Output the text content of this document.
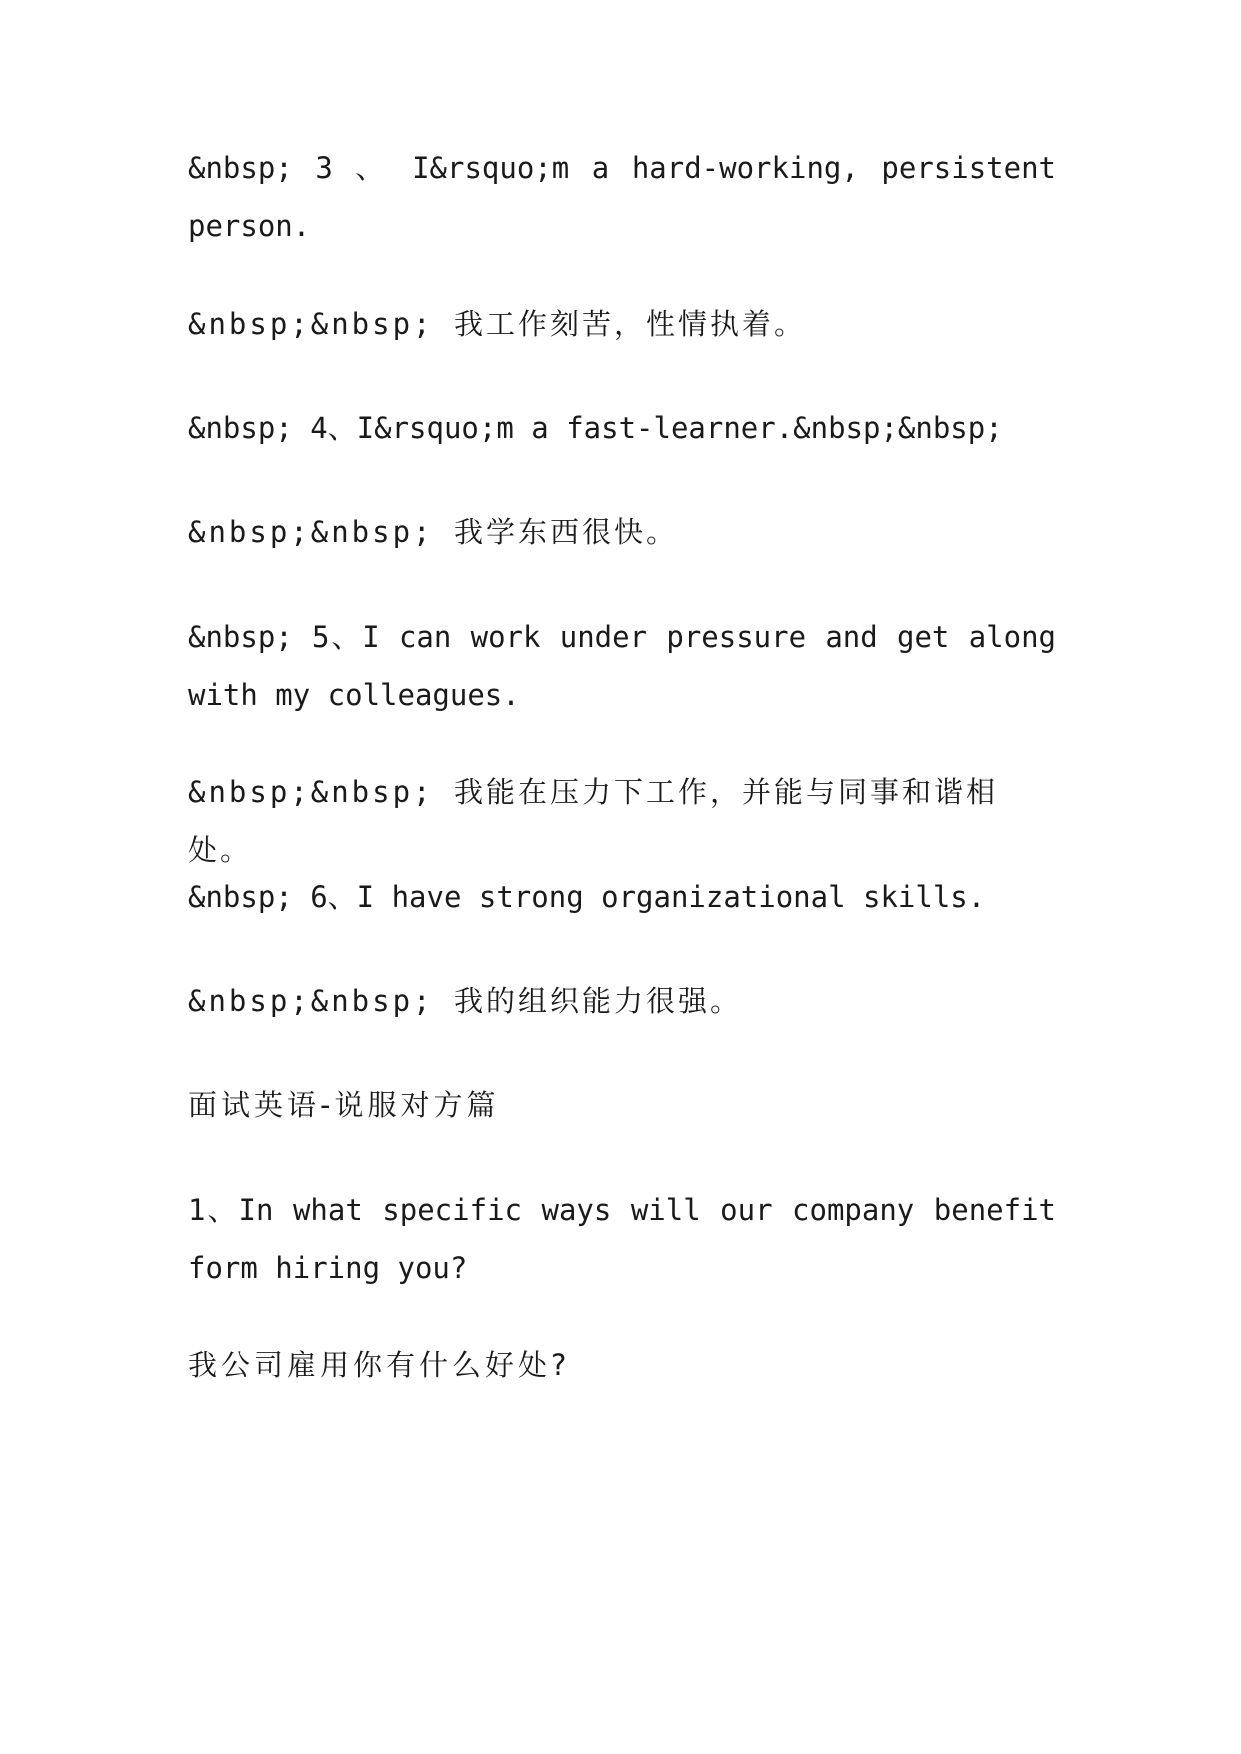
&nbsp; 3 、 I&rsquo;m a hard-working, persistent person.

&nbsp;&nbsp; 我工作刻苦，性情执着。

&nbsp; 4、I&rsquo;m a fast-learner.&nbsp;&nbsp;

&nbsp;&nbsp; 我学东西很快。

&nbsp; 5、I can work under pressure and get along with my colleagues.

&nbsp;&nbsp; 我能在压力下工作，并能与同事和谐相处。

&nbsp; 6、I have strong organizational skills.

&nbsp;&nbsp; 我的组织能力很强。

面试英语-说服对方篇

1、In what specific ways will our company benefit form hiring you?

我公司雇用你有什么好处?
